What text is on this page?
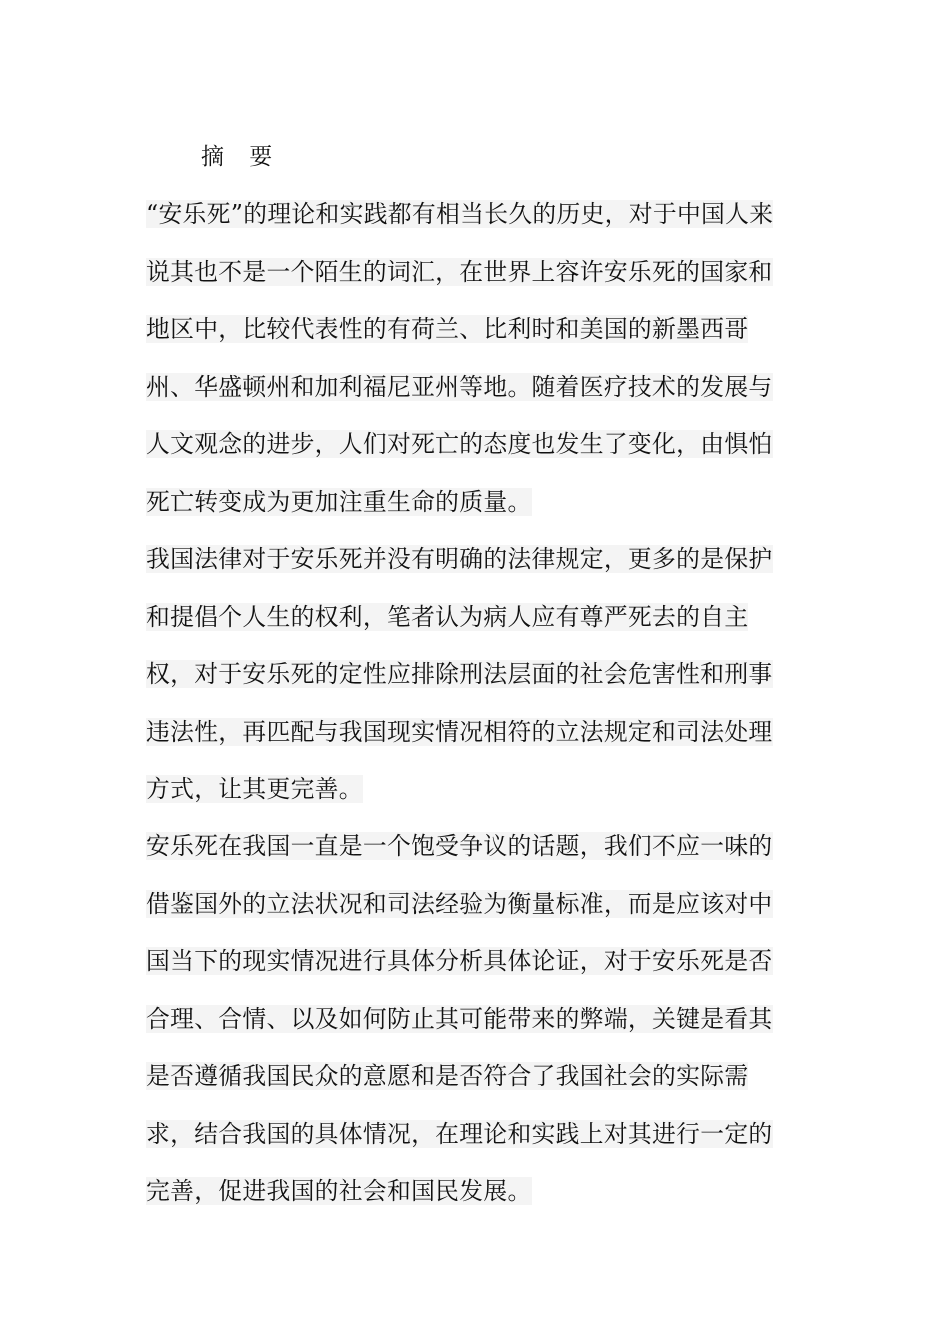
摘 要

“安乐死”的理论和实践都有相当长久的历史，对于中国人来说其也不是一个陌生的词汇，在世界上容许安乐死的国家和地区中，比较代表性的有荷兰、比利时和美国的新墨西哥州、华盛顿州和加利福尼亚州等地。随着医疗技术的发展与人文观念的进步，人们对死亡的态度也发生了变化，由惧怕死亡转变成为更加注重生命的质量。

我国法律对于安乐死并没有明确的法律规定，更多的是保护和提倡个人生的权利，笔者认为病人应有尊严死去的自主权，对于安乐死的定性应排除刑法层面的社会危害性和刑事违法性，再匹配与我国现实情况相符的立法规定和司法处理方式，让其更完善。

安乐死在我国一直是一个饱受争议的话题，我们不应一味的借鉴国外的立法状况和司法经验为衡量标准，而是应该对中国当下的现实情况进行具体分析具体论证，对于安乐死是否合理、合情、以及如何防止其可能带来的弊端，关键是看其是否遵循我国民众的意愿和是否符合了我国社会的实际需求，结合我国的具体情况，在理论和实践上对其进行一定的完善，促进我国的社会和国民发展。
